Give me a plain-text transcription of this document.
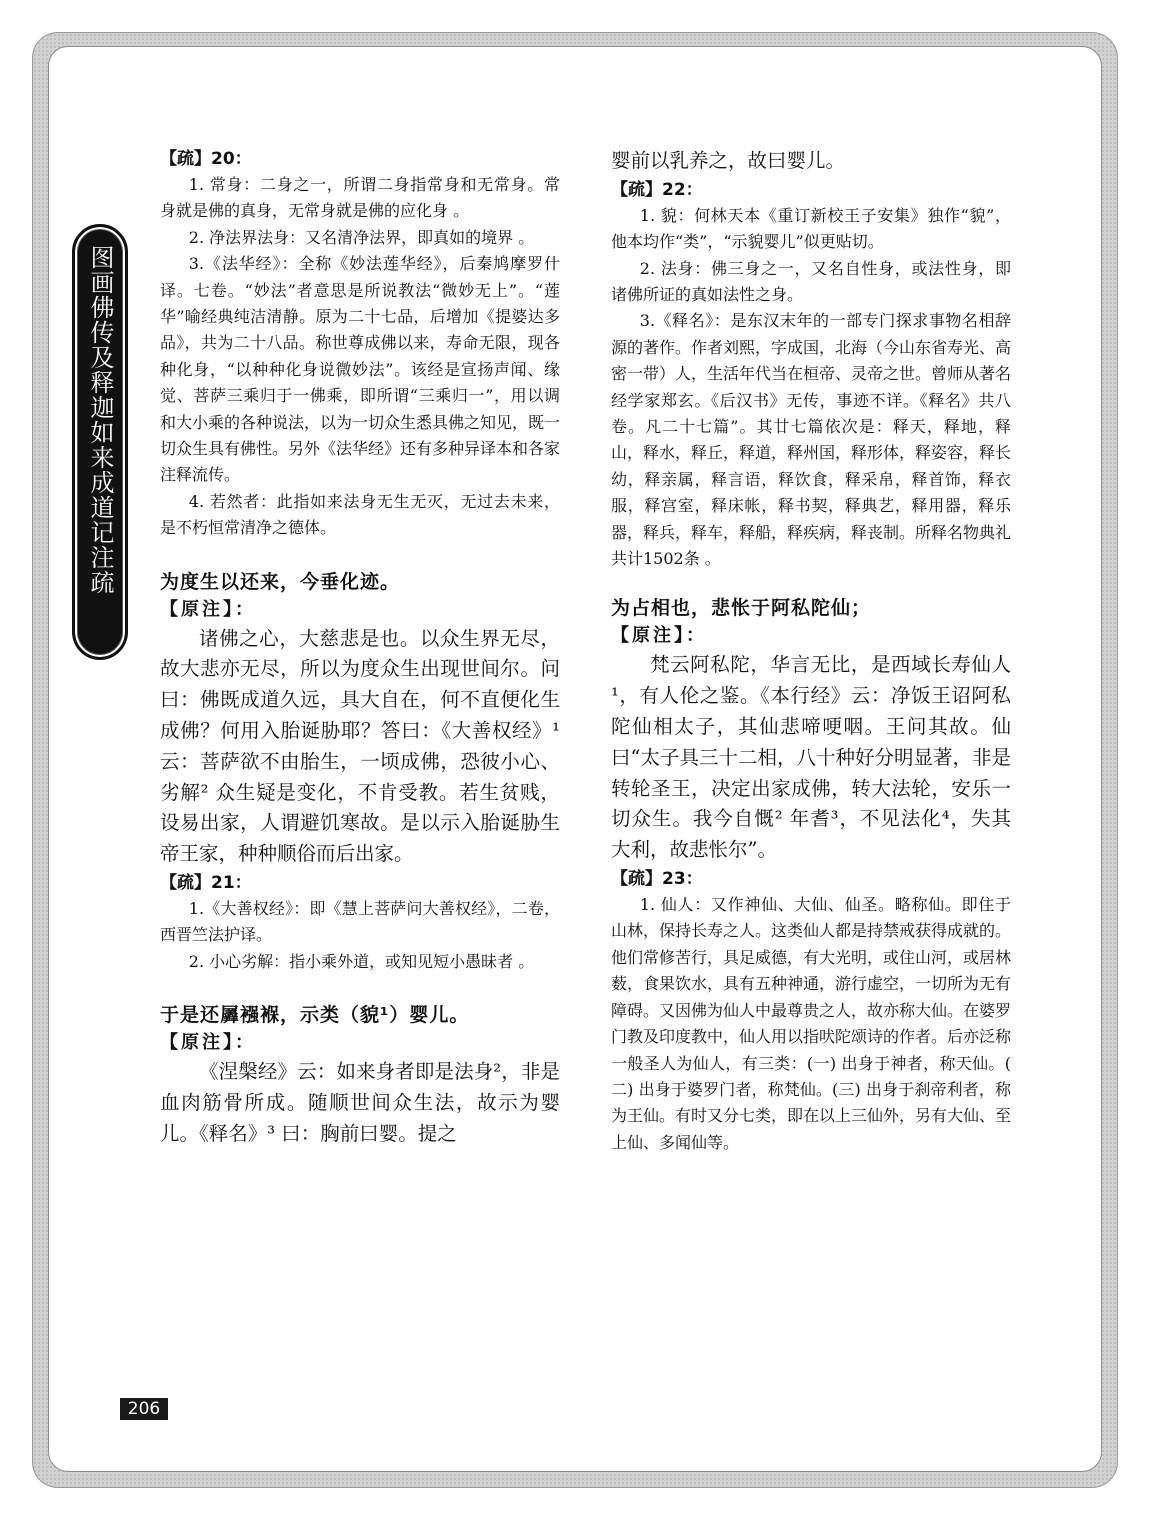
图画佛传及释迦如来成道记注疏

【疏】20：

1. 常身：二身之一，所谓二身指常身和无常身。常身就是佛的真身，无常身就是佛的应化身 。

2. 净法界法身：又名清净法界，即真如的境界 。

3.《法华经》：全称《妙法莲华经》，后秦鸠摩罗什译。七卷。“妙法”者意思是所说教法“微妙无上”。“莲华”喻经典纯洁清静。原为二十七品，后增加《提婆达多品》，共为二十八品。称世尊成佛以来，寿命无限，现各种化身，“以种种化身说微妙法”。该经是宣扬声闻、缘觉、菩萨三乘归于一佛乘，即所谓“三乘归一”，用以调和大小乘的各种说法，以为一切众生悉具佛之知见，既一切众生具有佛性。另外《法华经》还有多种异译本和各家注释流传。

4. 若然者：此指如来法身无生无灭，无过去未来，是不朽恒常清净之德体。

为度生以还来，今垂化迹。

【原注】：

诸佛之心，大慈悲是也。以众生界无尽，故大悲亦无尽，所以为度众生出现世间尔。问曰：佛既成道久远，具大自在，何不直便化生成佛？何用入胎诞胁耶？答曰：《大善权经》¹ 云：菩萨欲不由胎生，一顷成佛，恐彼小心、劣解² 众生疑是变化，不肯受教。若生贫贱，设易出家，人谓避饥寒故。是以示入胎诞胁生帝王家，种种顺俗而后出家。

【疏】21：

1.《大善权经》：即《慧上菩萨问大善权经》，二卷，西晋竺法护译。

2. 小心劣解：指小乘外道，或知见短小愚昧者 。

于是还羼襁褓，示类（貌¹）婴儿。

【原注】：

《涅槃经》云：如来身者即是法身²，非是血肉筋骨所成。随顺世间众生法，故示为婴儿。《释名》³ 曰：胸前曰婴。提之

婴前以乳养之，故曰婴儿。

【疏】22：

1. 貌：何林天本《重订新校王子安集》独作“貌”，他本均作“类”，“示貌婴儿”似更贴切。

2. 法身：佛三身之一，又名自性身，或法性身，即诸佛所证的真如法性之身。

3.《释名》：是东汉末年的一部专门探求事物名相辞源的著作。作者刘熙，字成国，北海（今山东省寿光、高密一带）人，生活年代当在桓帝、灵帝之世。曾师从著名经学家郑玄。《后汉书》无传，事迹不详。《释名》共八卷。凡二十七篇”。其廿七篇依次是：释天，释地，释山，释水，释丘，释道，释州国，释形体，释姿容，释长幼，释亲属，释言语，释饮食，释采帛，释首饰，释衣服，释宫室，释床帐，释书契，释典艺，释用器，释乐器，释兵，释车，释船，释疾病，释丧制。所释名物典礼共计1502条 。

为占相也，悲怅于阿私陀仙；

【原注】：

梵云阿私陀，华言无比，是西域长寿仙人¹，有人伦之鉴。《本行经》云：净饭王诏阿私陀仙相太子，其仙悲啼哽咽。王问其故。仙曰“太子具三十二相，八十种好分明显著，非是转轮圣王，决定出家成佛，转大法轮，安乐一切众生。我今自慨² 年耆³，不见法化⁴，失其大利，故悲怅尔”。

【疏】23：

1. 仙人：又作神仙、大仙、仙圣。略称仙。即住于山林，保持长寿之人。这类仙人都是持禁戒获得成就的。他们常修苦行，具足威德，有大光明，或住山河，或居林薮，食果饮水，具有五种神通，游行虚空，一切所为无有障碍。又因佛为仙人中最尊贵之人，故亦称大仙。在婆罗门教及印度教中，仙人用以指吠陀颂诗的作者。后亦泛称一般圣人为仙人，有三类：(一) 出身于神者，称天仙。( 二) 出身于婆罗门者，称梵仙。(三) 出身于刹帝利者，称为王仙。有时又分七类，即在以上三仙外，另有大仙、至上仙、多闻仙等。

206
